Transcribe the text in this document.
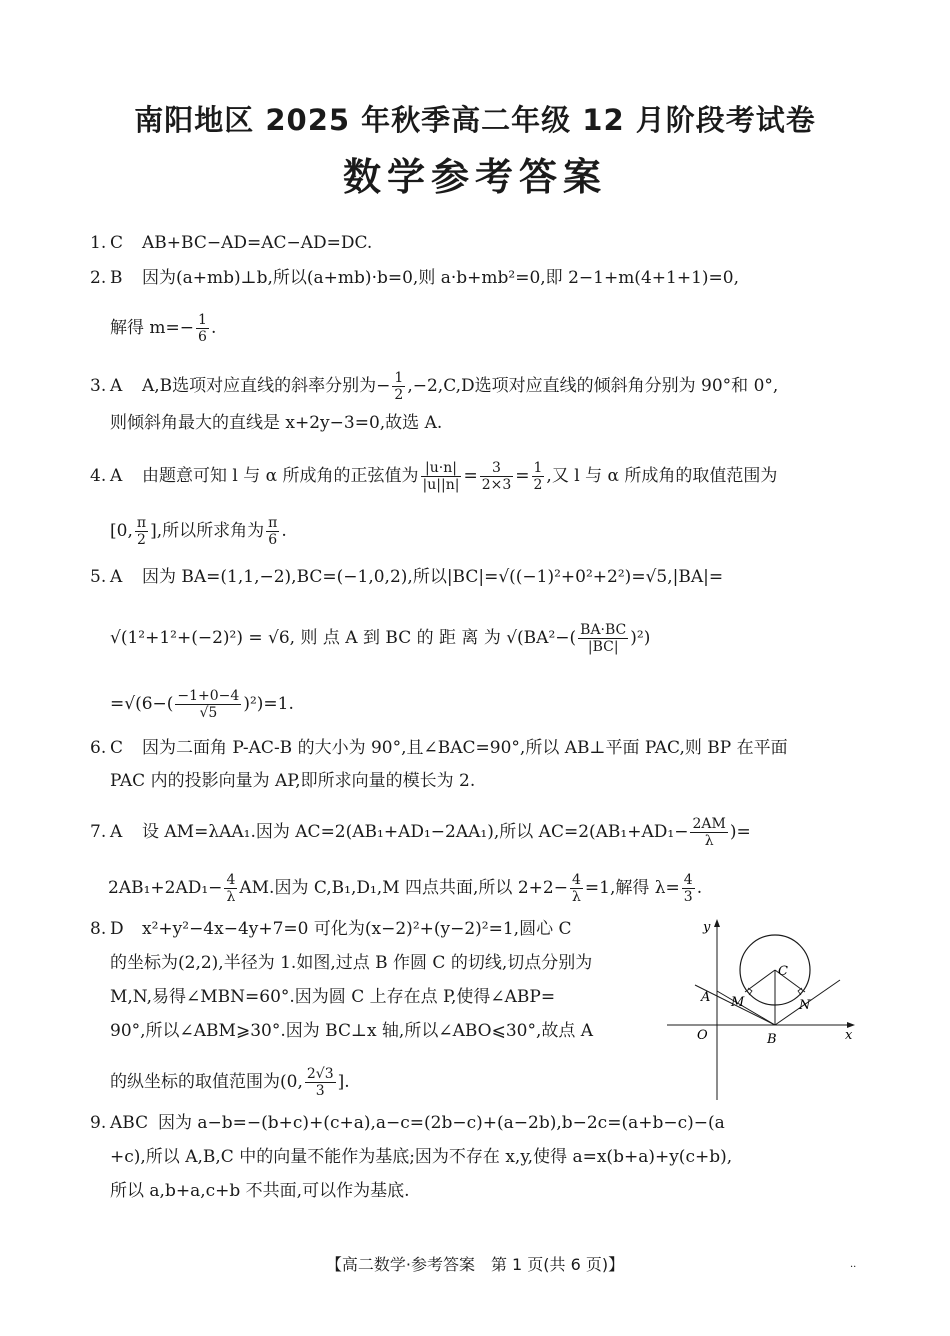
南阳地区 2025 年秋季高二年级 12 月阶段考试卷
数学参考答案
1. C AB+BC−AD=AC−AD=DC.
2. B 因为(a+mb)⊥b,所以(a+mb)·b=0,则 a·b+mb²=0,即 2−1+m(4+1+1)=0,
解得 $m=- \frac{1}{6}$ .
3. A A,B选项对应直线的斜率分别为− $\frac{1}{2} ,-2,C,D$选项对应直线的倾斜角分别为 90°和 0°,
则倾斜角最大的直线是 x+2y−3=0,故选 A.
4. A 由题意可知 l 与 α 所成角的正弦值为 $\frac{|u\cdot n|}{|u||n|} = \frac{3}{2\times 3} = \frac{1}{2}$ ,又 l 与 α 所成角的取值范围为
[0, $\frac{\pi}{2}$ ],所以所求角为 $\frac{\pi}{6}$ .
5. A 因为 BA=(1,1,−2),BC=(−1,0,2),所以|BC|=√((−1)²+0²+2²)=√5,|BA|=
√(1²+1²+(−2)²) = √6, 则 点 A 到 BC 的 距 离 为 $√(BA^2-( \frac{BA\cdot BC}{|BC|} )^2)$
$=√(6-( \frac{-1+0-4}{√5} )^2)=1$.
6. C 因为二面角 P-AC-B 的大小为 90°,且∠BAC=90°,所以 AB⊥平面 PAC,则 BP 在平面
PAC 内的投影向量为 AP,即所求向量的模长为 2.
7. A 设 AM=λAA₁.因为 AC=2(AB₁+AD₁−2AA₁),所以 $AC=2(AB_1+AD_1- \frac{2AM}{\lambda}$ )=
$2AB_1+2AD_1- \frac{4}{\lambda}$ AM.因为 C,B₁,D₁,M 四点共面,所以 $2+2- \frac{4}{\lambda} =1$,解得 $\lambda= \frac{4}{3}$ .
8. D x²+y²−4x−4y+7=0 可化为(x−2)²+(y−2)²=1,圆心 C
的坐标为(2,2),半径为 1.如图,过点 B 作圆 C 的切线,切点分别为
M,N,易得∠MBN=60°.因为圆 C 上存在点 P,使得∠ABP=
90°,所以∠ABM⩾30°.因为 BC⊥x 轴,所以∠ABO⩽30°,故点 A
的纵坐标的取值范围为(0, $\frac{2√3}{3}$ ].
y
x
O
A
B
C
M	N
9. ABC 因为 a−b=−(b+c)+(c+a),a−c=(2b−c)+(a−2b),b−2c=(a+b−c)−(a
+c),所以 A,B,C 中的向量不能作为基底;因为不存在 x,y,使得 a=x(b+a)+y(c+b),
所以 a,b+a,c+b 不共面,可以作为基底.
【高二数学·参考答案　第 1 页(共 6 页)】	··
